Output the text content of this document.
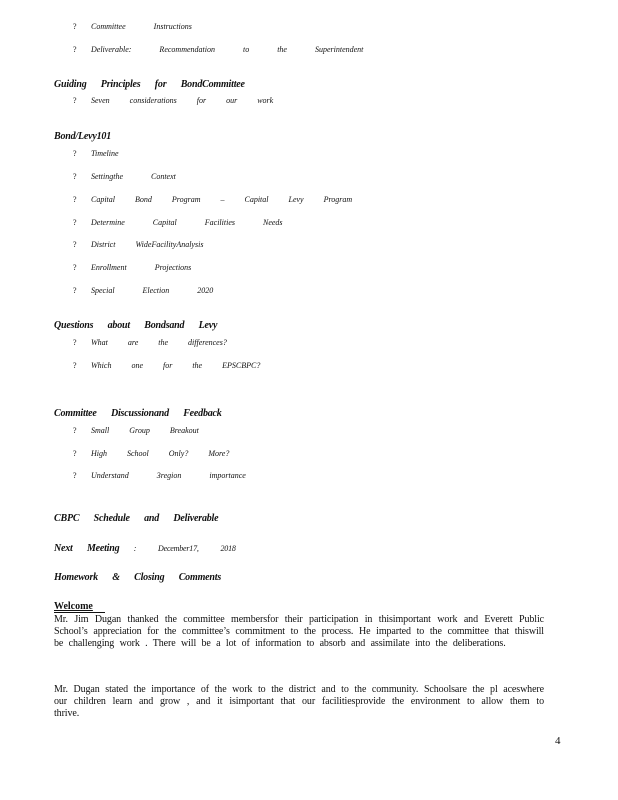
?	Committee Instructions
?	Deliverable: Recommendation to the Superintendent
Guiding Principles for BondCommittee
?	Seven considerations for our work
Bond/Levy101
?	Timeline
?	Settingthe Context
?	Capital Bond Program – Capital Levy Program
?	Determine Capital Facilities Needs
?	District WideFacilityAnalysis
?	Enrollment Projections
?	Special Election 2020
Questions about Bondsand Levy
?	What are the differences?
?	Which one for the EPSCBPC?
Committee Discussionand Feedback
?	Small Group Breakout
?	High School Only? More?
?	Understand 3region importance
CBPC Schedule and Deliverable
Next Meeting : December17, 2018
Homework & Closing Comments
Welcome
Mr. Jim Dugan thanked the committee membersfor their participation in thisimportant work and Everett Public School’s appreciation for the committee’s commitment to the process. He imparted to the committee that thiswill be challenging work . There will be a lot of information to absorb and assimilate into the deliberations.
Mr. Dugan stated the importance of the work to the district and to the community. Schoolsare the pl aceswhere our children learn and grow , and it isimportant that our facilitiesprovide the environment to allow them to thrive.
4
